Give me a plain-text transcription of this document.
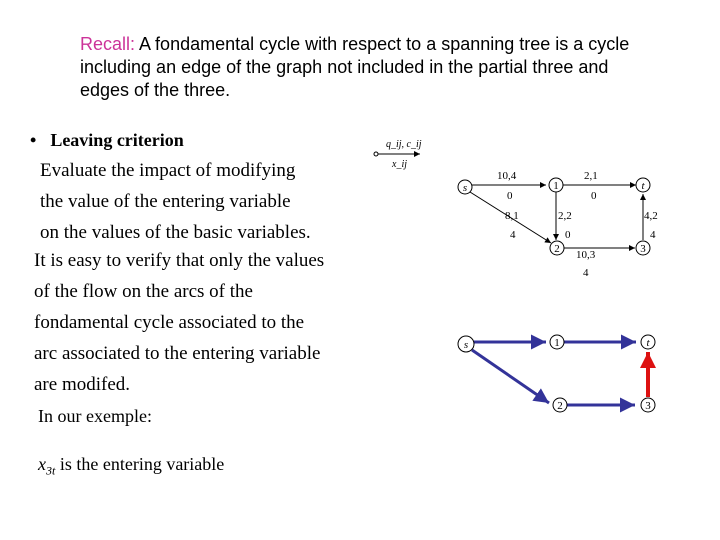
Recall: A fondamental cycle with respect to a spanning tree is a cycle including an edge of the graph not included in the partial three and edges of the three.
• Leaving criterion
Evaluate the impact of modifying
the value of the entering variable
on the values of the basic variables.
It is easy to verify that only the values
of the flow on the arcs of the
fondamental cycle associated to the
arc associated to the entering variable
are modifed.
In our exemple:
$x_{3t}$ is the entering variable
q_ij, c_ij
x_ij
s	1	t
2	3
10,4
0
2,1
0
8,1
4
2,2
0
4,2
4
10,3
4
s	1	t
2	3
